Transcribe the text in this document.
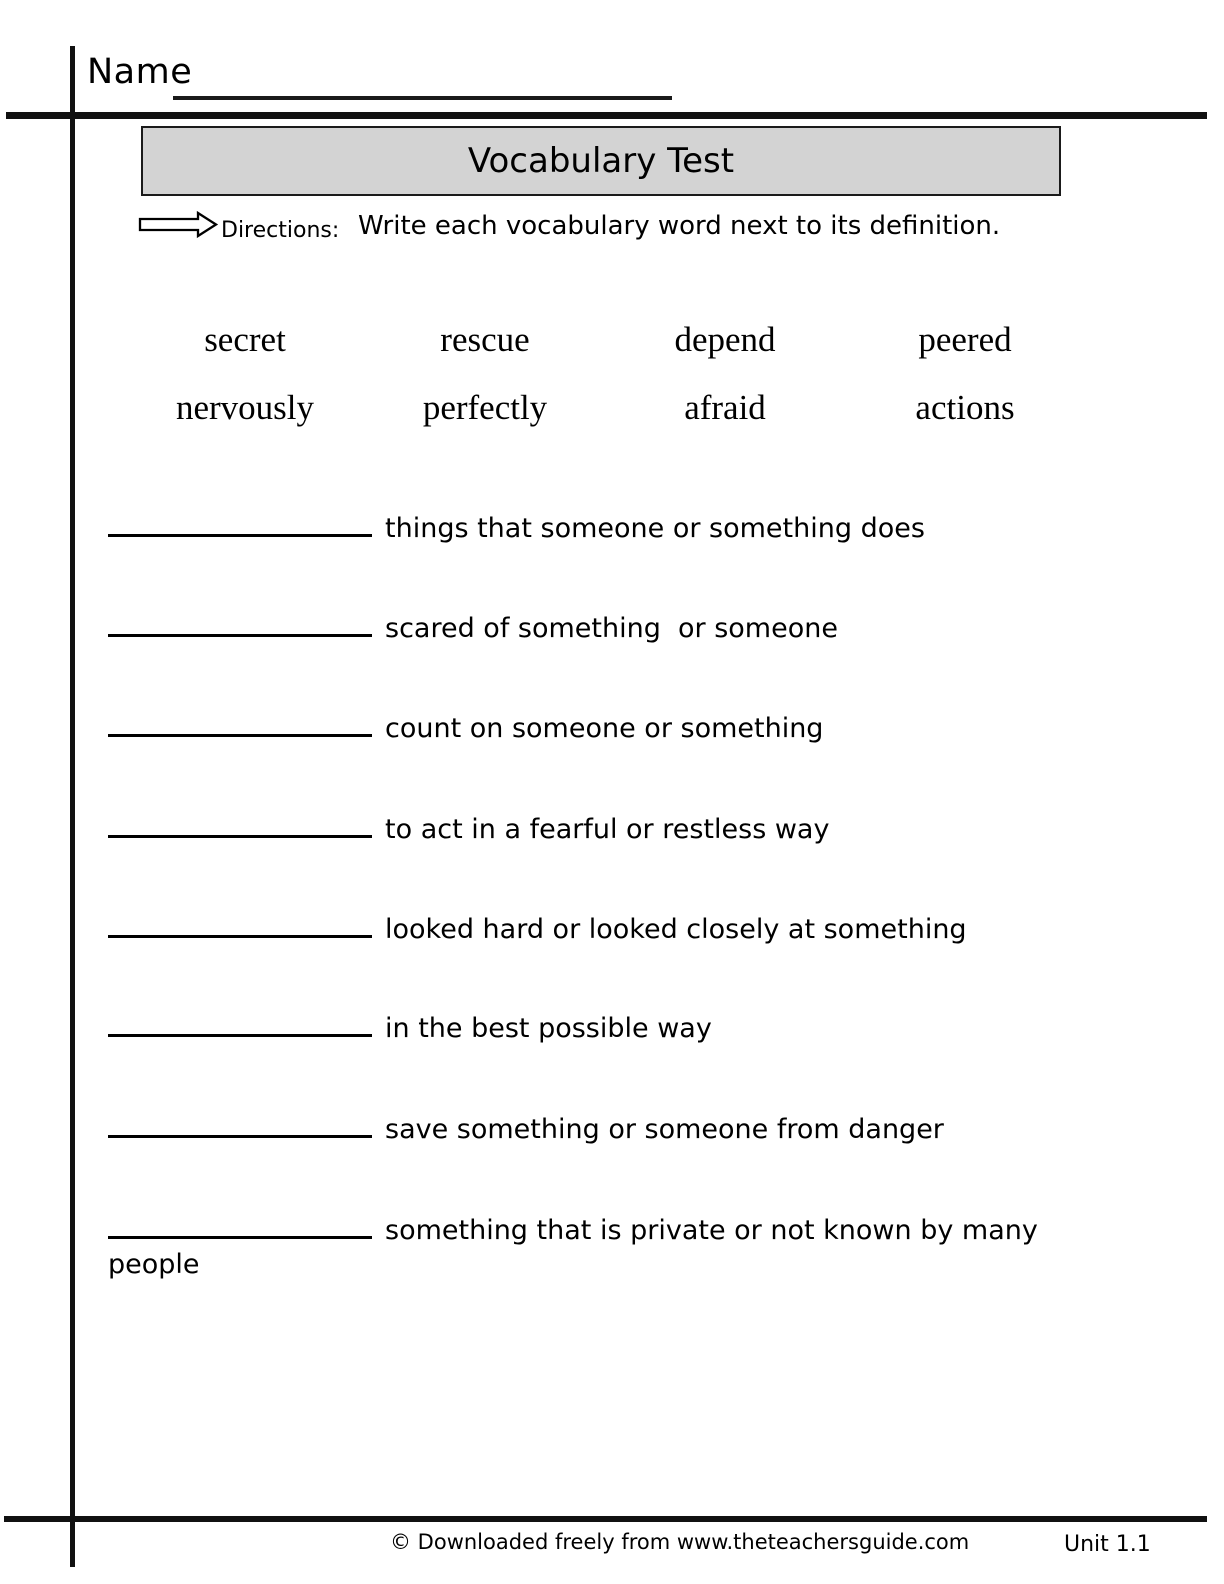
Name
Vocabulary Test
Directions: Write each vocabulary word next to its definition.
secret	rescue	depend	peered
nervously	perfectly	afraid	actions
things that someone or something does
scared of something  or someone
count on someone or something
to act in a fearful or restless way
looked hard or looked closely at something
in the best possible way
save something or someone from danger
something that is private or not known by many people
© Downloaded freely from www.theteachersguide.com	Unit 1.1
